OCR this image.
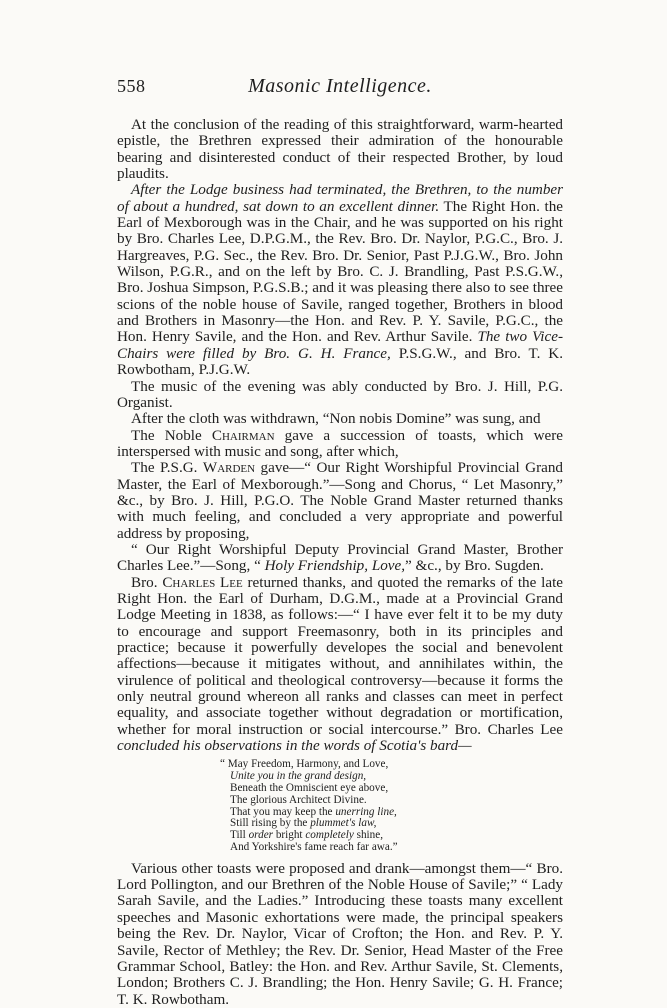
558	Masonic Intelligence.

At the conclusion of the reading of this straightforward, warm-hearted epistle, the Brethren expressed their admiration of the honourable bearing and disinterested conduct of their respected Brother, by loud plaudits.

After the Lodge business had terminated, the Brethren, to the number of about a hundred, sat down to an excellent dinner. The Right Hon. the Earl of Mexborough was in the Chair, and he was supported on his right by Bro. Charles Lee, D.P.G.M., the Rev. Bro. Dr. Naylor, P.G.C., Bro. J. Hargreaves, P.G. Sec., the Rev. Bro. Dr. Senior, Past P.J.G.W., Bro. John Wilson, P.G.R., and on the left by Bro. C. J. Brandling, Past P.S.G.W., Bro. Joshua Simpson, P.G.S.B.; and it was pleasing there also to see three scions of the noble house of Savile, ranged together, Brothers in blood and Brothers in Masonry—the Hon. and Rev. P. Y. Savile, P.G.C., the Hon. Henry Savile, and the Hon. and Rev. Arthur Savile. The two Vice-Chairs were filled by Bro. G. H. France, P.S.G.W., and Bro. T. K. Rowbotham, P.J.G.W.

The music of the evening was ably conducted by Bro. J. Hill, P.G. Organist.

After the cloth was withdrawn, “Non nobis Domine” was sung, and

The Noble Chairman gave a succession of toasts, which were interspersed with music and song, after which,

The P.S.G. Warden gave—“ Our Right Worshipful Provincial Grand Master, the Earl of Mexborough.”—Song and Chorus, “ Let Masonry,” &c., by Bro. J. Hill, P.G.O. The Noble Grand Master returned thanks with much feeling, and concluded a very appropriate and powerful address by proposing,

“ Our Right Worshipful Deputy Provincial Grand Master, Brother Charles Lee.”—Song, “ Holy Friendship, Love,” &c., by Bro. Sugden.

Bro. Charles Lee returned thanks, and quoted the remarks of the late Right Hon. the Earl of Durham, D.G.M., made at a Provincial Grand Lodge Meeting in 1838, as follows:—“ I have ever felt it to be my duty to encourage and support Freemasonry, both in its principles and practice; because it powerfully developes the social and benevolent affections—because it mitigates without, and annihilates within, the virulence of political and theological controversy—because it forms the only neutral ground whereon all ranks and classes can meet in perfect equality, and associate together without degradation or mortification, whether for moral instruction or social intercourse.” Bro. Charles Lee concluded his observations in the words of Scotia's bard—

“ May Freedom, Harmony, and Love,
Unite you in the grand design,
Beneath the Omniscient eye above,
The glorious Architect Divine.
That you may keep the unerring line,
Still rising by the plummet's law,
Till order bright completely shine,
And Yorkshire's fame reach far awa.”

Various other toasts were proposed and drank—amongst them—“ Bro. Lord Pollington, and our Brethren of the Noble House of Savile;” “ Lady Sarah Savile, and the Ladies.” Introducing these toasts many excellent speeches and Masonic exhortations were made, the principal speakers being the Rev. Dr. Naylor, Vicar of Crofton; the Hon. and Rev. P. Y. Savile, Rector of Methley; the Rev. Dr. Senior, Head Master of the Free Grammar School, Batley: the Hon. and Rev. Arthur Savile, St. Clements, London; Brothers C. J. Brandling; the Hon. Henry Savile; G. H. France; T. K. Rowbotham.
